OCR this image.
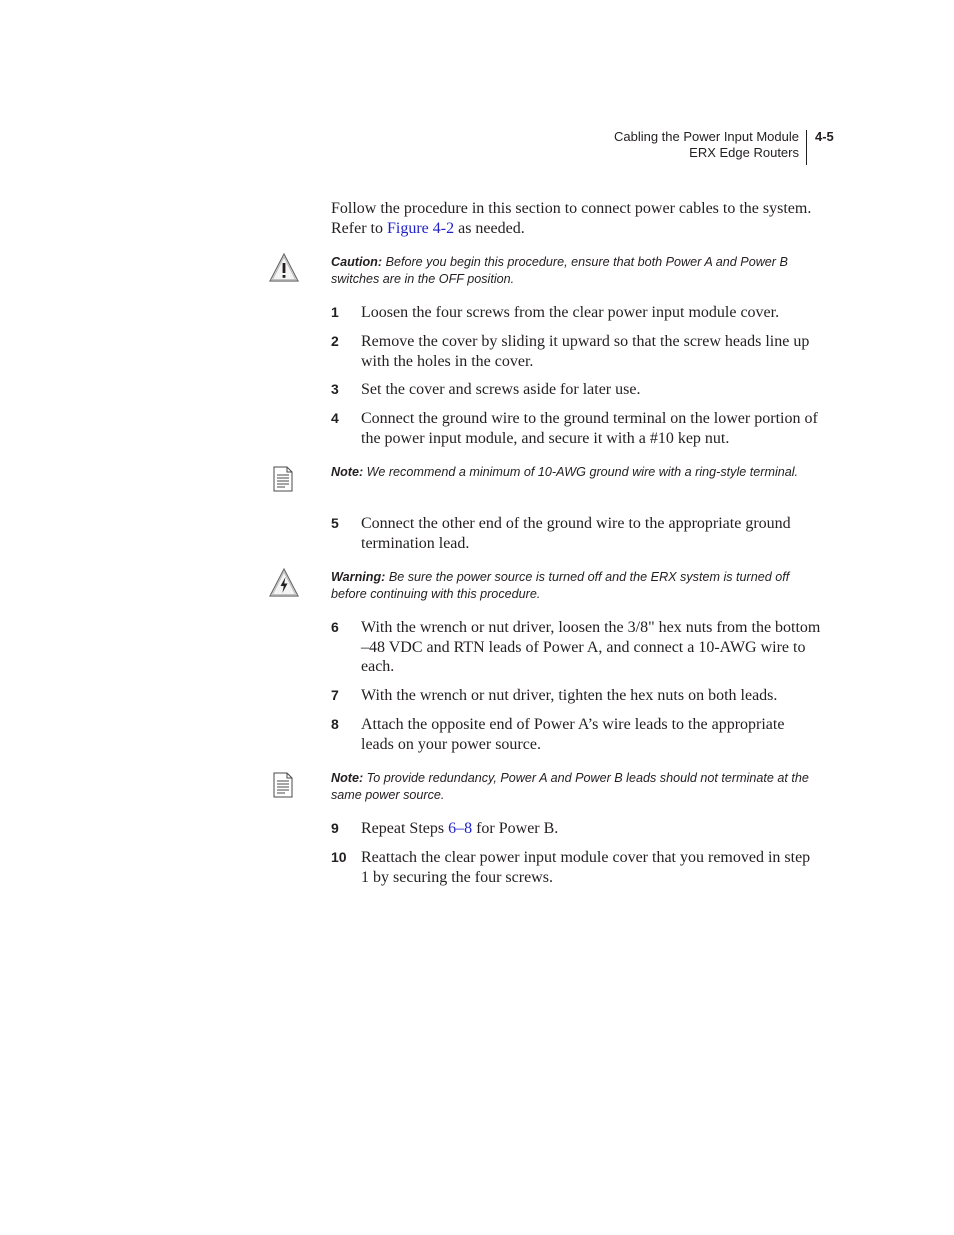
Cabling the Power Input Module
ERX Edge Routers
4-5

Follow the procedure in this section to connect power cables to the system. Refer to Figure 4-2 as needed.

Caution: Before you begin this procedure, ensure that both Power A and Power B switches are in the OFF position.
1 Loosen the four screws from the clear power input module cover.
2 Remove the cover by sliding it upward so that the screw heads line up with the holes in the cover.
3 Set the cover and screws aside for later use.
4 Connect the ground wire to the ground terminal on the lower portion of the power input module, and secure it with a #10 kep nut.
Note: We recommend a minimum of 10-AWG ground wire with a ring-style terminal.
5 Connect the other end of the ground wire to the appropriate ground termination lead.
Warning: Be sure the power source is turned off and the ERX system is turned off before continuing with this procedure.
6 With the wrench or nut driver, loosen the 3/8" hex nuts from the bottom –48 VDC and RTN leads of Power A, and connect a 10-AWG wire to each.
7 With the wrench or nut driver, tighten the hex nuts on both leads.
8 Attach the opposite end of Power A’s wire leads to the appropriate leads on your power source.
Note: To provide redundancy, Power A and Power B leads should not terminate at the same power source.
9 Repeat Steps 6–8 for Power B.
10 Reattach the clear power input module cover that you removed in step 1 by securing the four screws.
